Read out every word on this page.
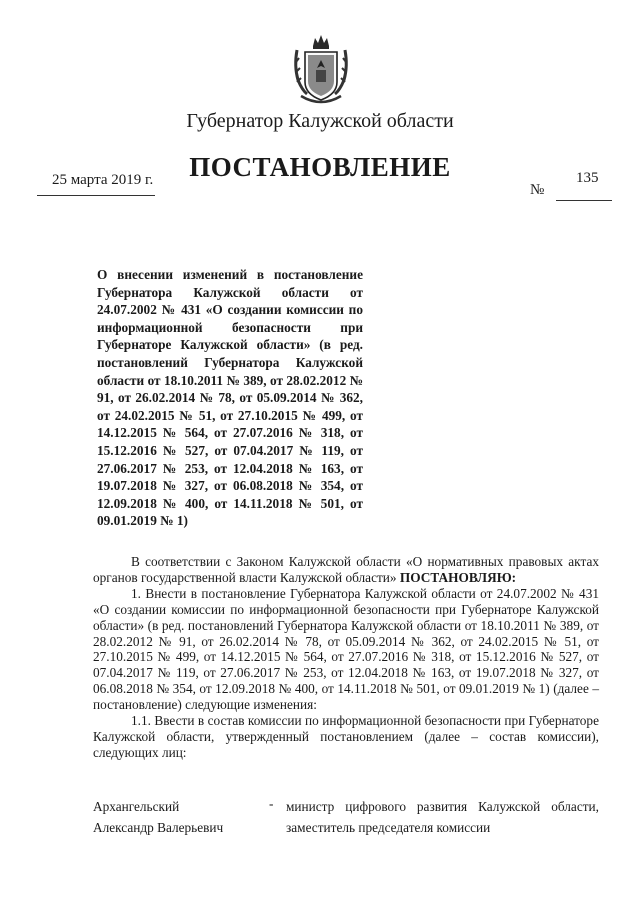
Губернатор Калужской области
ПОСТАНОВЛЕНИЕ
25 марта 2019 г.	135
№
О внесении изменений в постановление Губернатора Калужской области от 24.07.2002 № 431 «О создании комиссии по информационной безопасности при Губернаторе Калужской области» (в ред. постановлений Губернатора Калужской области от 18.10.2011 № 389, от 28.02.2012 № 91, от 26.02.2014 № 78, от 05.09.2014 № 362, от 24.02.2015 № 51, от 27.10.2015 № 499, от 14.12.2015 № 564, от 27.07.2016 № 318, от 15.12.2016 № 527, от 07.04.2017 № 119, от 27.06.2017 № 253, от 12.04.2018 № 163, от 19.07.2018 № 327, от 06.08.2018 № 354, от 12.09.2018 № 400, от 14.11.2018 № 501, от 09.01.2019 № 1)

В соответствии с Законом Калужской области «О нормативных правовых актах органов государственной власти Калужской области» ПОСТАНОВЛЯЮ:

1. Внести в постановление Губернатора Калужской области от 24.07.2002 № 431 «О создании комиссии по информационной безопасности при Губернаторе Калужской области» (в ред. постановлений Губернатора Калужской области от 18.10.2011 № 389, от 28.02.2012 № 91, от 26.02.2014 № 78, от 05.09.2014 № 362, от 24.02.2015 № 51, от 27.10.2015 № 499, от 14.12.2015 № 564, от 27.07.2016 № 318, от 15.12.2016 № 527, от 07.04.2017 № 119, от 27.06.2017 № 253, от 12.04.2018 № 163, от 19.07.2018 № 327, от 06.08.2018 № 354, от 12.09.2018 № 400, от 14.11.2018 № 501, от 09.01.2019 № 1) (далее – постановление) следующие изменения:

1.1. Ввести в состав комиссии по информационной безопасности при Губернаторе Калужской области, утвержденный постановлением (далее – состав комиссии), следующих лиц:

Архангельский
Александр Валерьевич
- министр цифрового развития Калужской области, заместитель председателя комиссии
